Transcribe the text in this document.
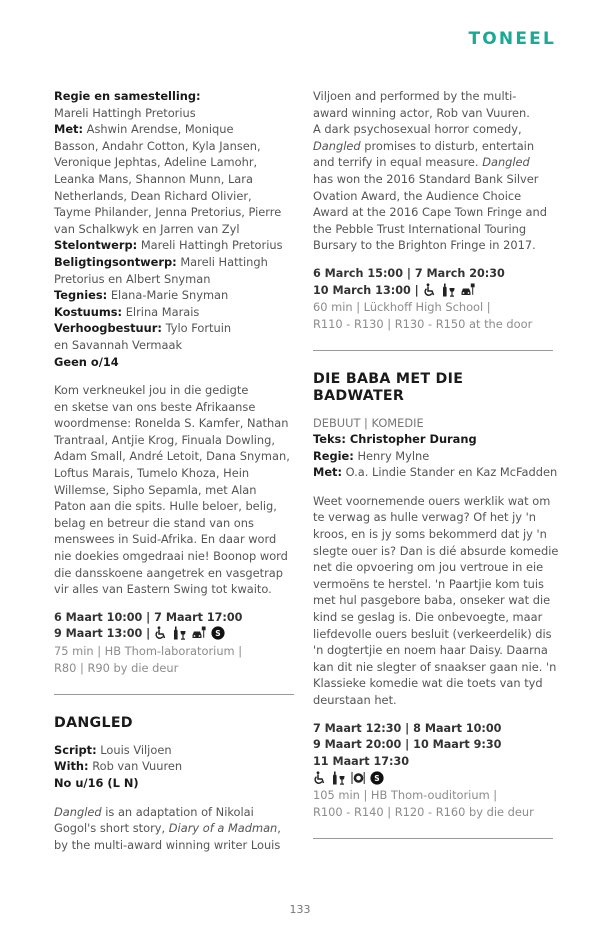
TONEEL
Regie en samestelling:
Mareli Hattingh Pretorius
Met: Ashwin Arendse, Monique
Basson, Andahr Cotton, Kyla Jansen,
Veronique Jephtas, Adeline Lamohr,
Leanka Mans, Shannon Munn, Lara
Netherlands, Dean Richard Olivier,
Tayme Philander, Jenna Pretorius, Pierre
van Schalkwyk en Jarren van Zyl
Stelontwerp: Mareli Hattingh Pretorius
Beligtingsontwerp: Mareli Hattingh
Pretorius en Albert Snyman
Tegnies: Elana-Marie Snyman
Kostuums: Elrina Marais
Verhoogbestuur: Tylo Fortuin
en Savannah Vermaak
Geen o/14
Kom verkneukel jou in die gedigte
en sketse van ons beste Afrikaanse
woordmense: Ronelda S. Kamfer, Nathan
Trantraal, Antjie Krog, Finuala Dowling,
Adam Small, André Letoit, Dana Snyman,
Loftus Marais, Tumelo Khoza, Hein
Willemse, Sipho Sepamla, met Alan
Paton aan die spits. Hulle beloer, belig,
belag en betreur die stand van ons
menswees in Suid-Afrika. En daar word
nie doekies omgedraai nie! Boonop word
die dansskoene aangetrek en vasgetrap
vir alles van Eastern Swing tot kwaito.
6 Maart 10:00 | 7 Maart 17:00
9 Maart 13:00 |	S
75 min | HB Thom-laboratorium |
R80 | R90 by die deur
DANGLED
Script: Louis Viljoen
With: Rob van Vuuren
No u/16 (L N)
Dangled is an adaptation of Nikolai
Gogol's short story, Diary of a Madman,
by the multi-award winning writer Louis
Viljoen and performed by the multi-
award winning actor, Rob van Vuuren.
A dark psychosexual horror comedy,
Dangled promises to disturb, entertain
and terrify in equal measure. Dangled
has won the 2016 Standard Bank Silver
Ovation Award, the Audience Choice
Award at the 2016 Cape Town Fringe and
the Pebble Trust International Touring
Bursary to the Brighton Fringe in 2017.
6 March 15:00 | 7 March 20:30
10 March 13:00 |
60 min | Lückhoff High School |
R110 - R130 | R130 - R150 at the door
DIE BABA MET DIE BADWATER
DEBUUT | KOMEDIE
Teks: Christopher Durang
Regie: Henry Mylne
Met: O.a. Lindie Stander en Kaz McFadden
Weet voornemende ouers werklik wat om
te verwag as hulle verwag? Of het jy 'n
kroos, en is jy soms bekommerd dat jy 'n
slegte ouer is? Dan is dié absurde komedie
net die opvoering om jou vertroue in eie
vermoëns te herstel. 'n Paartjie kom tuis
met hul pasgebore baba, onseker wat die
kind se geslag is. Die onbevoegte, maar
liefdevolle ouers besluit (verkeerdelik) dis
'n dogtertjie en noem haar Daisy. Daarna
kan dit nie slegter of snaakser gaan nie. 'n
Klassieke komedie wat die toets van tyd
deurstaan het.
7 Maart 12:30 | 8 Maart 10:00
9 Maart 20:00 | 10 Maart 9:30
11 Maart 17:30
S
105 min | HB Thom-ouditorium |
R100 - R140 | R120 - R160 by die deur
133
